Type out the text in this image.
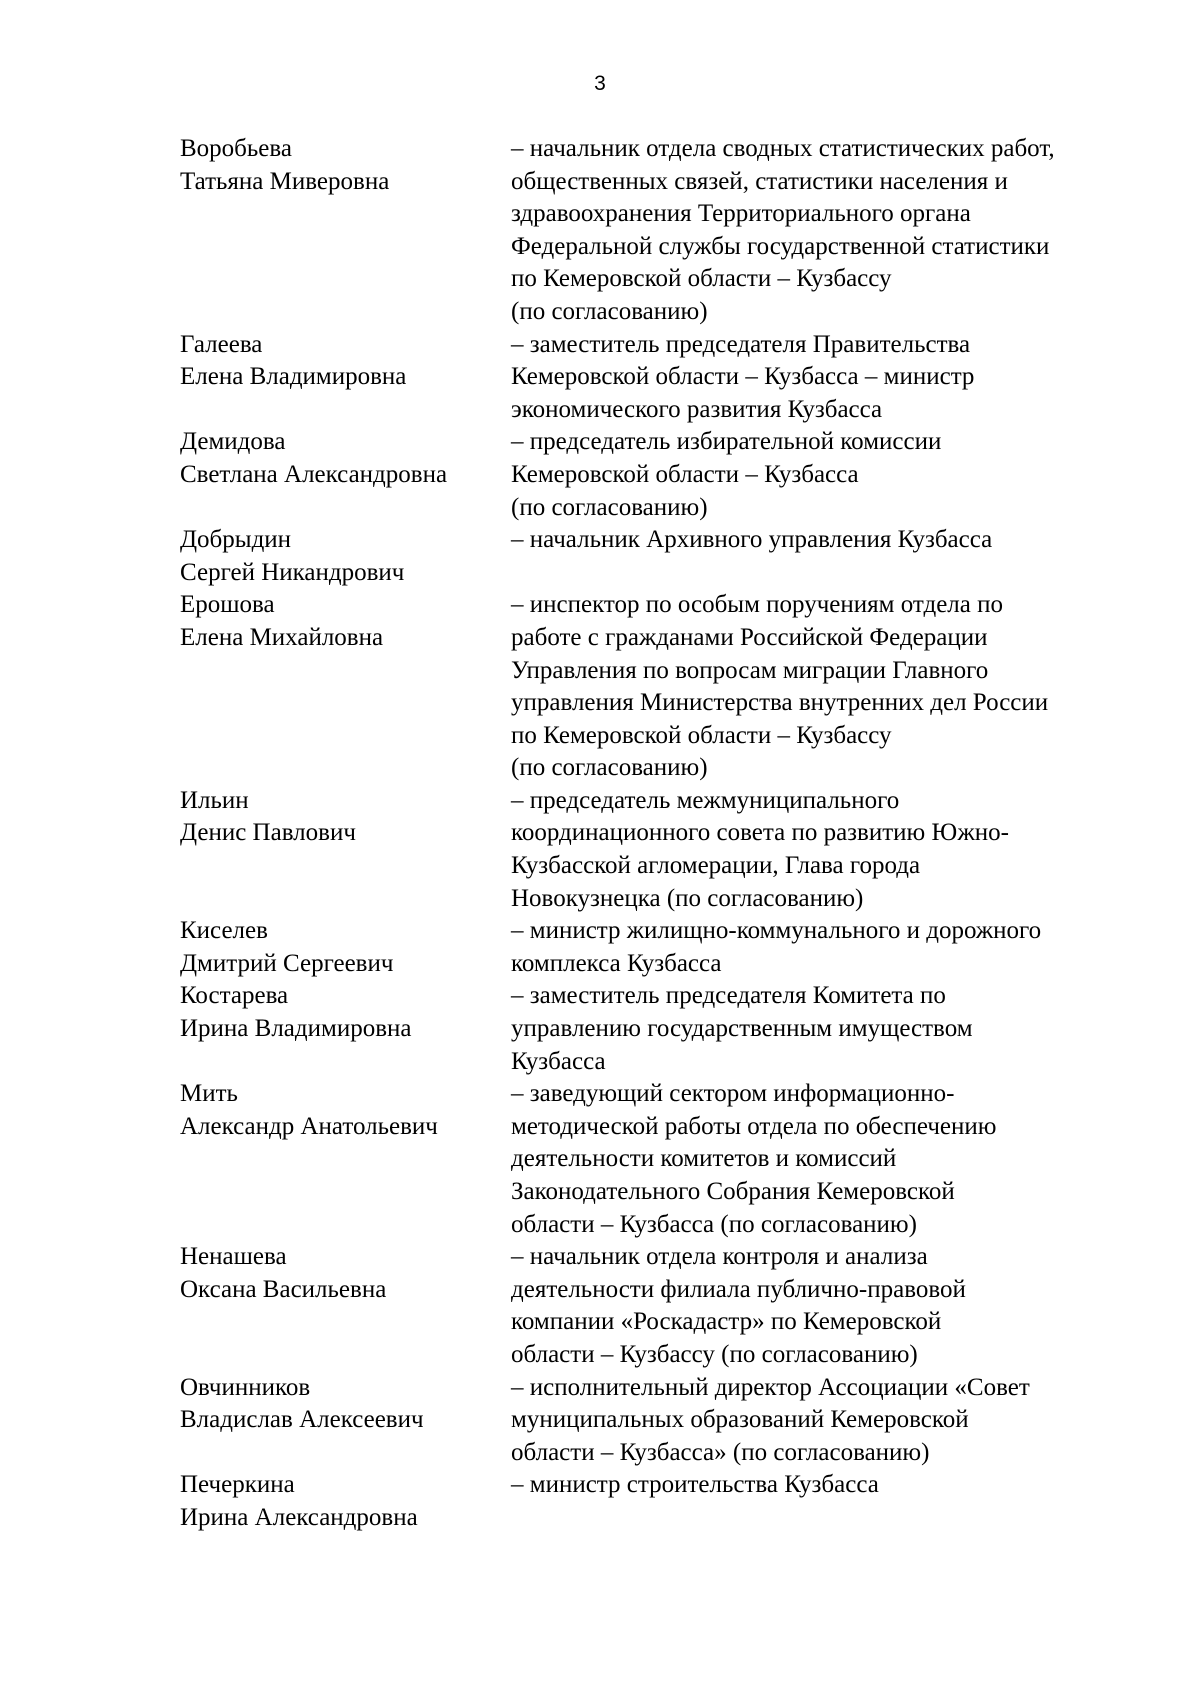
3
Воробьева
Татьяна Миверовна
– начальник отдела сводных статистических работ,
общественных связей, статистики населения и
здравоохранения Территориального органа
Федеральной службы государственной статистики
по Кемеровской области – Кузбассу
(по согласованию)
Галеева
Елена Владимировна
– заместитель председателя Правительства
Кемеровской области – Кузбасса – министр
экономического развития Кузбасса
Демидова
Светлана Александровна
– председатель избирательной комиссии
Кемеровской области – Кузбасса
(по согласованию)
Добрыдин
Сергей Никандрович
– начальник Архивного управления Кузбасса
Ерошова
Елена Михайловна
– инспектор по особым поручениям отдела по
работе с гражданами Российской Федерации
Управления по вопросам миграции Главного
управления Министерства внутренних дел России
по Кемеровской области – Кузбассу
(по согласованию)
Ильин
Денис Павлович
– председатель межмуниципального
координационного совета по развитию Южно-
Кузбасской агломерации, Глава города
Новокузнецка (по согласованию)
Киселев
Дмитрий Сергеевич
– министр жилищно-коммунального и дорожного
комплекса Кузбасса
Костарева
Ирина Владимировна
– заместитель председателя Комитета по
управлению государственным имуществом
Кузбасса
Мить
Александр Анатольевич
– заведующий сектором информационно-
методической работы отдела по обеспечению
деятельности комитетов и комиссий
Законодательного Собрания Кемеровской
области – Кузбасса (по согласованию)
Ненашева
Оксана Васильевна
– начальник отдела контроля и анализа
деятельности филиала публично-правовой
компании «Роскадастр» по Кемеровской
области – Кузбассу (по согласованию)
Овчинников
Владислав Алексеевич
– исполнительный директор Ассоциации «Совет
муниципальных образований Кемеровской
области – Кузбасса» (по согласованию)
Печеркина
Ирина Александровна
– министр строительства Кузбасса
